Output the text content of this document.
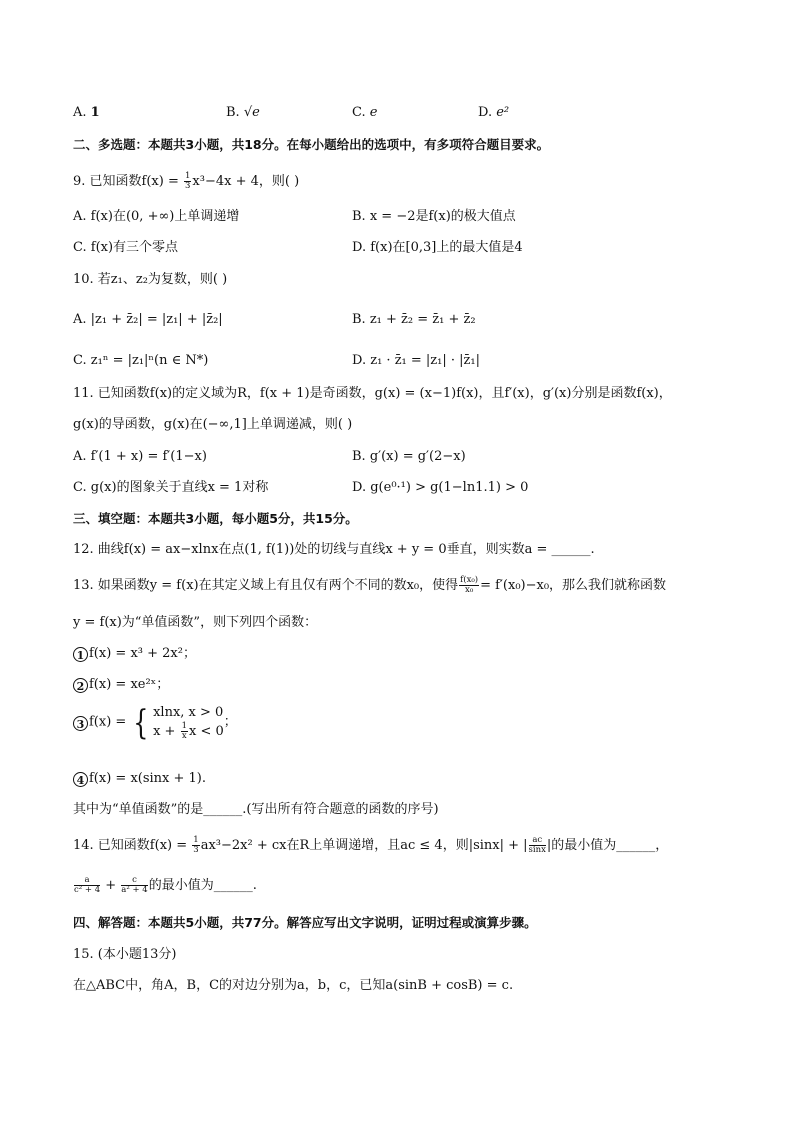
A. 1	B. √e	C. e	D. e²
二、多选题：本题共3小题，共18分。在每小题给出的选项中，有多项符合题目要求。
9. 已知函数$f(x) = \frac{1}{3} x^3-4x + 4$，则( )
A. f(x)在(0, +∞)上单调递增	B. x = −2是f(x)的极大值点
C. f(x)有三个零点	D. f(x)在[0,3]上的最大值是4
10. 若z₁、z₂为复数，则( )
A. |z₁ + z̄₂| = |z₁| + |z̄₂|	B. z₁ + z̄₂ = z̄₁ + z̄₂
C. z₁ⁿ = |z₁|ⁿ(n ∈ N*)	D. z₁ · z̄₁ = |z₁| · |z̄₁|
11. 已知函数f(x)的定义域为R，f(x + 1)是奇函数，g(x) = (x−1)f(x)，且f′(x)，g′(x)分别是函数f(x)，
g(x)的导函数，g(x)在(−∞,1]上单调递减，则( )
A. f′(1 + x) = f′(1−x)	B. g′(x) = g′(2−x)
C. g(x)的图象关于直线x = 1对称	D. g(e⁰·¹) > g(1−ln1.1) > 0
三、填空题：本题共3小题，每小题5分，共15分。
12. 曲线f(x) = ax−xlnx在点(1, f(1))处的切线与直线x + y = 0垂直，则实数a = ______.
13. 如果函数y = f(x)在其定义域上有且仅有两个不同的数x₀，使得 $\frac{\text{f(x₀)}}{\text{x₀}} = f'(x_0)-x_0$，那么我们就称函数
y = f(x)为“单值函数”，则下列四个函数：
1 f(x) = x³ + 2x²；
2 f(x) = xe²ˣ；
3 f(x) = { xlnx, x > 0
$x + \frac{1}{x}$ x < 0
；
4 f(x) = x(sinx + 1).
其中为“单值函数”的是______.(写出所有符合题意的函数的序号)
14. 已知函数$f(x) = \frac{1}{3} ax^3-2x^2$ + cx在R上单调递增，且ac ≤ 4，则|sinx| + | $\frac{ac}{\sin x}$ |的最小值为______，
$\frac{a}{\text{c² + 4}} + \frac{c}{\text{a² + 4}}$ 的最小值为______.
四、解答题：本题共5小题，共77分。解答应写出文字说明，证明过程或演算步骤。
15. (本小题13分)
在△ABC中，角A，B，C的对边分别为a，b，c，已知a(sinB + cosB) = c.
